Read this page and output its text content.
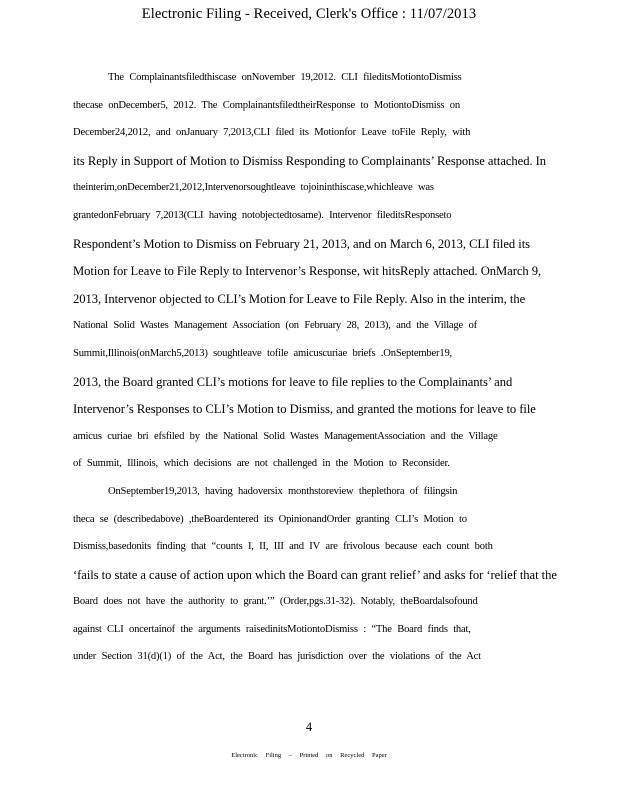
Electronic Filing - Received, Clerk's Office : 11/07/2013
The Complainantsfiledthiscase onNovember 19,2012. CLI fileditsMotiontoDismiss
thecase onDecember5, 2012. The ComplainantsfiledtheirResponse to MotiontoDismiss on
December24,2012, and onJanuary 7,2013,CLI filed its Motionfor Leave toFile Reply, with
its Reply in Support of Motion to Dismiss Responding to Complainants’ Response attached. In
theinterim,onDecember21,2012,Intervenorsoughtleave tojoininthiscase,whichleave was
grantedonFebruary 7,2013(CLI having notobjectedtosame). Intervenor fileditsResponseto
Respondent’s Motion to Dismiss on February 21, 2013, and on March 6, 2013, CLI filed its
Motion for Leave to File Reply to Intervenor’s Response, wit hitsReply attached. OnMarch 9,
2013, Intervenor objected to CLI’s Motion for Leave to File Reply. Also in the interim, the
National Solid Wastes Management Association (on February 28, 2013), and the Village of
Summit,Illinois(onMarch5,2013) soughtleave tofile amicuscuriae briefs .OnSeptember19,
2013, the Board granted CLI’s motions for leave to file replies to the Complainants’ and
Intervenor’s Responses to CLI’s Motion to Dismiss, and granted the motions for leave to file
amicus curiae bri efsfiled by the National Solid Wastes ManagementAssociation and the Village
of Summit, Illinois, which decisions are not challenged in the Motion to Reconsider.
OnSeptember19,2013, having hadoversix monthstoreview theplethora of filingsin
theca se (describedabove) ,theBoardentered its OpinionandOrder granting CLI’s Motion to
Dismiss,basedonits finding that “counts I, II, III and IV are frivolous because each count both
‘fails to state a cause of action upon which the Board can grant relief’ and asks for ‘relief that the
Board does not have the authority to grant.’” (Order,pgs.31-32). Notably, theBoardalsofound
against CLI oncertainof the arguments raisedinitsMotiontoDismiss : “The Board finds that,
under Section 31(d)(1) of the Act, the Board has jurisdiction over the violations of the Act
4
Electronic Filing – Printed on Recycled Paper
